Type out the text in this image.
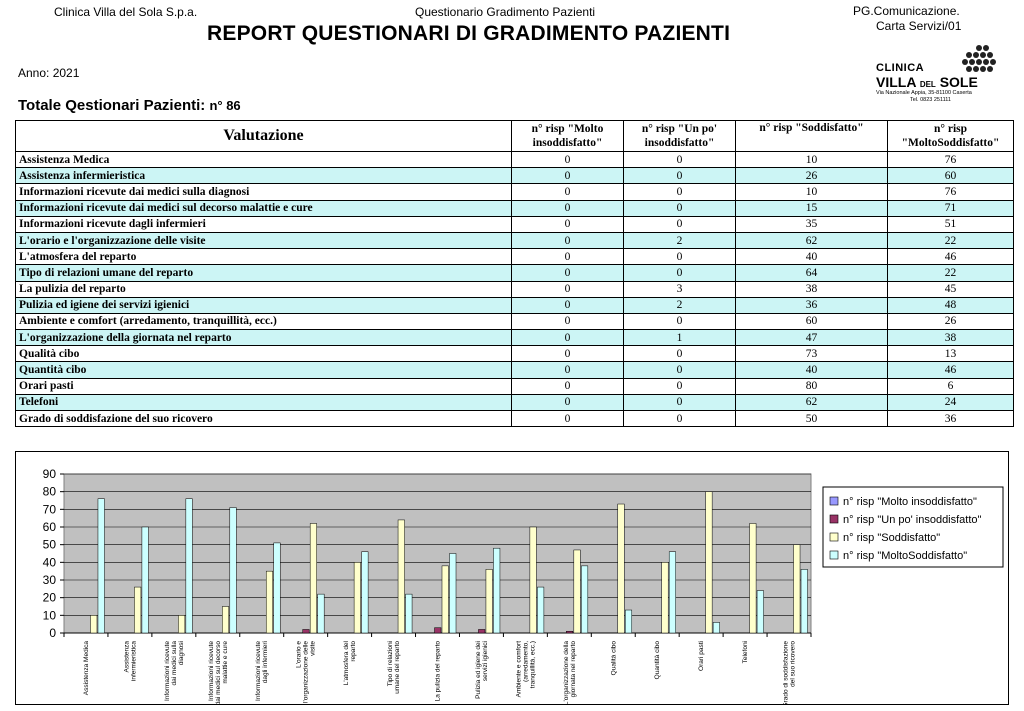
Clinica Villa del Sola S.p.a.	Questionario Gradimento Pazienti	PG.Comunicazione.
Carta Servizi/01
REPORT QUESTIONARI DI GRADIMENTO PAZIENTI
Anno: 2021
Totale Qestionari Pazienti: n° 86
CLINICA
VILLA DEL SOLE
Via Nazionale Appia, 35-81100 Caserta
Tel. 0823 251111
Valutazione	n° risp "Molto insoddisfatto"	n° risp "Un po' insoddisfatto"	n° risp "Soddisfatto"	n° risp "MoltoSoddisfatto"
Assistenza Medica	0	0	10	76
Assistenza infermieristica	0	0	26	60
Informazioni ricevute dai medici sulla diagnosi	0	0	10	76
Informazioni ricevute dai medici sul decorso malattie e cure	0	0	15	71
Informazioni ricevute dagli infermieri	0	0	35	51
L'orario e l'organizzazione delle visite	0	2	62	22
L'atmosfera del reparto	0	0	40	46
Tipo di relazioni umane del reparto	0	0	64	22
La pulizia del reparto	0	3	38	45
Pulizia ed igiene dei servizi igienici	0	2	36	48
Ambiente e comfort (arredamento, tranquillità, ecc.)	0	0	60	26
L'organizzazione della giornata nel reparto	0	1	47	38
Qualità cibo	0	0	73	13
Quantità cibo	0	0	40	46
Orari pasti	0	0	80	6
Telefoni	0	0	62	24
Grado di soddisfazione del suo ricovero	0	0	50	36
0
10
20
30
40
50
60
70
80
90
Assistenza Medica	Assistenzainfermieristica	Informazioni ricevutedai medici sulladiagnosi	Informazioni ricevutedai medici sul decorsomalattie e cure	Informazioni ricevutedagli infermieri	L'orario el'organizzazione dellevisite	L'atmosfera delreparto	Tipo di relazioniumane del reparto	La pulizia del reparto	Pulizia ed igiene deiservizi igienici	Ambiente e comfort(arredamento,tranquillità, ecc.)	L'organizzazione dellagiornata nel reparto	Qualità cibo	Quantità cibo	Orari pasti	Telefoni	Grado di soddisfazionedel suo ricovero
n° risp "Molto insoddisfatto"
n° risp "Un po' insoddisfatto"
n° risp "Soddisfatto"
n° risp "MoltoSoddisfatto"
